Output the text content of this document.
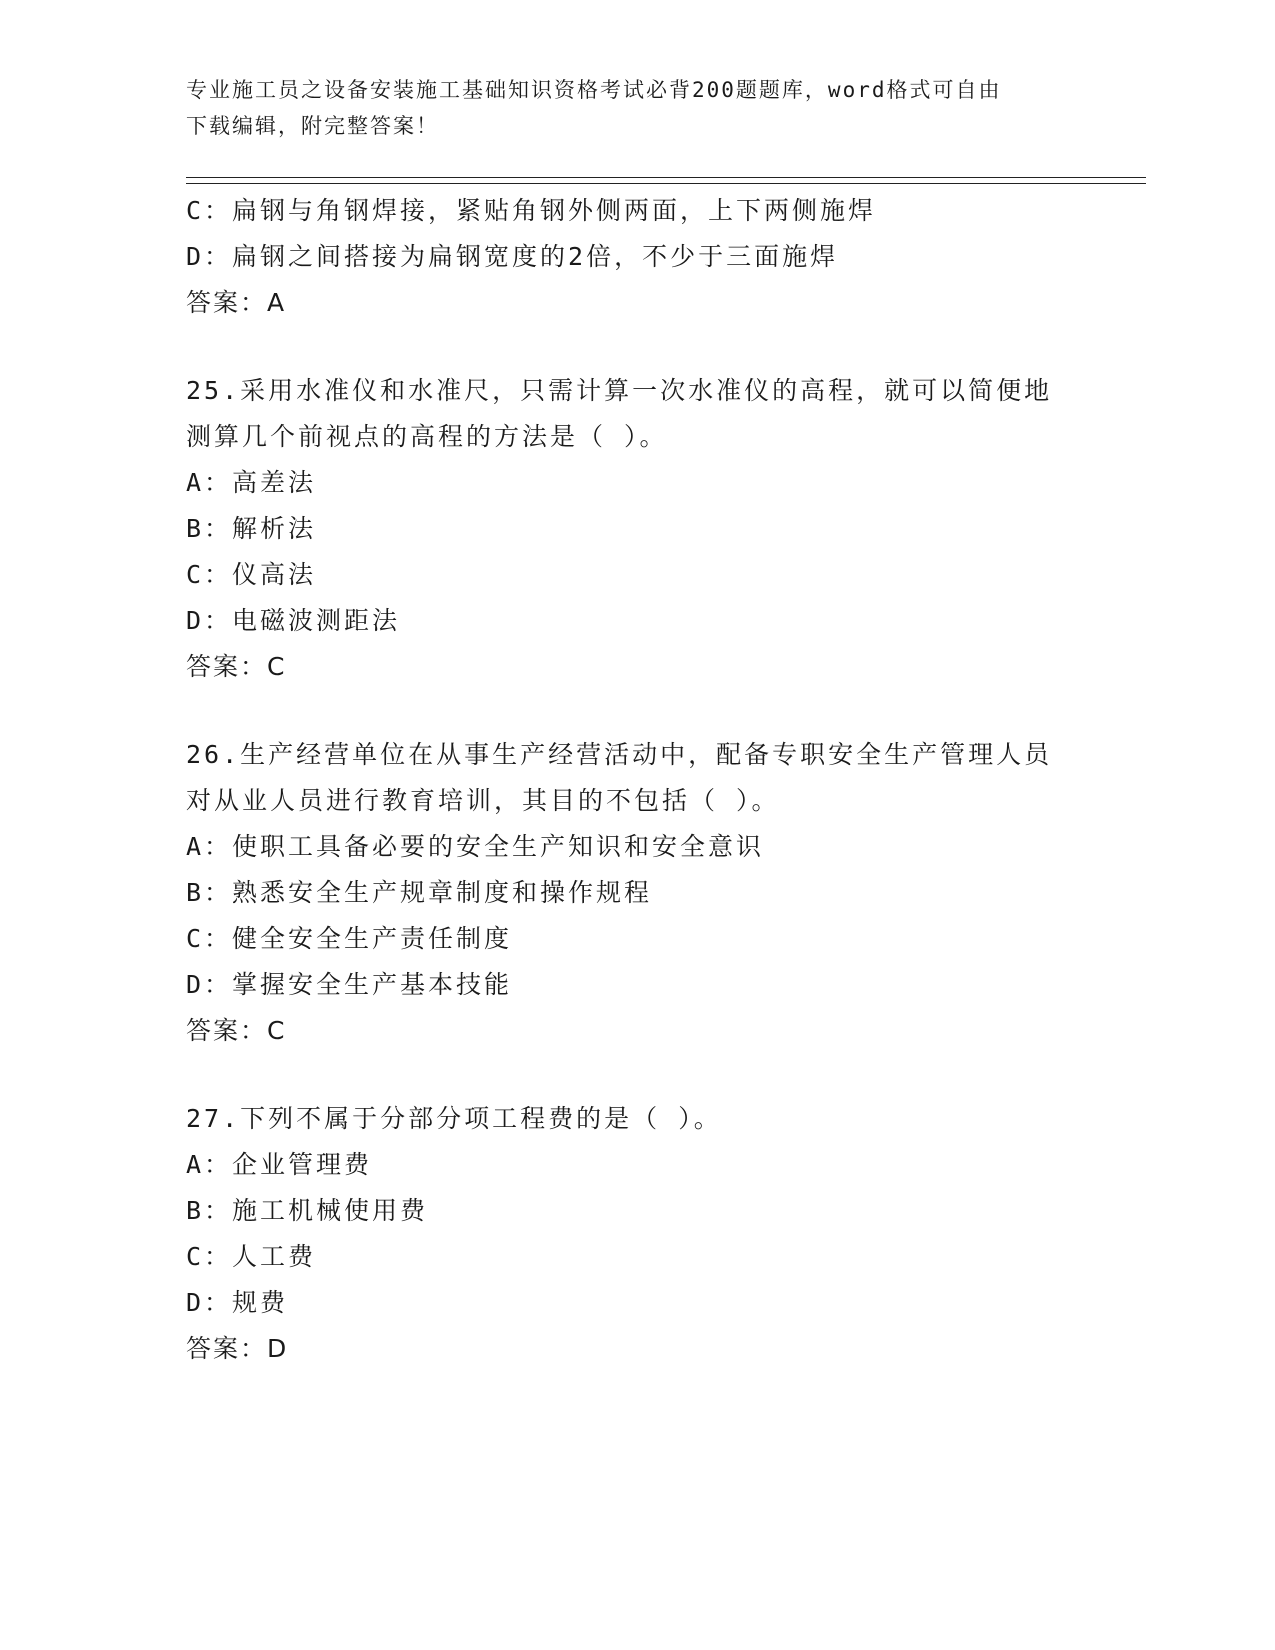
专业施工员之设备安装施工基础知识资格考试必背200题题库，word格式可自由
下载编辑，附完整答案！
C：扁钢与角钢焊接，紧贴角钢外侧两面，上下两侧施焊
D：扁钢之间搭接为扁钢宽度的2倍，不少于三面施焊
答案：A
25.采用水准仪和水准尺，只需计算一次水准仪的高程，就可以简便地
测算几个前视点的高程的方法是（ ）。
A：高差法
B：解析法
C：仪高法
D：电磁波测距法
答案：C
26.生产经营单位在从事生产经营活动中，配备专职安全生产管理人员
对从业人员进行教育培训，其目的不包括（ ）。
A：使职工具备必要的安全生产知识和安全意识
B：熟悉安全生产规章制度和操作规程
C：健全安全生产责任制度
D：掌握安全生产基本技能
答案：C
27.下列不属于分部分项工程费的是（ ）。
A：企业管理费
B：施工机械使用费
C：人工费
D：规费
答案：D
